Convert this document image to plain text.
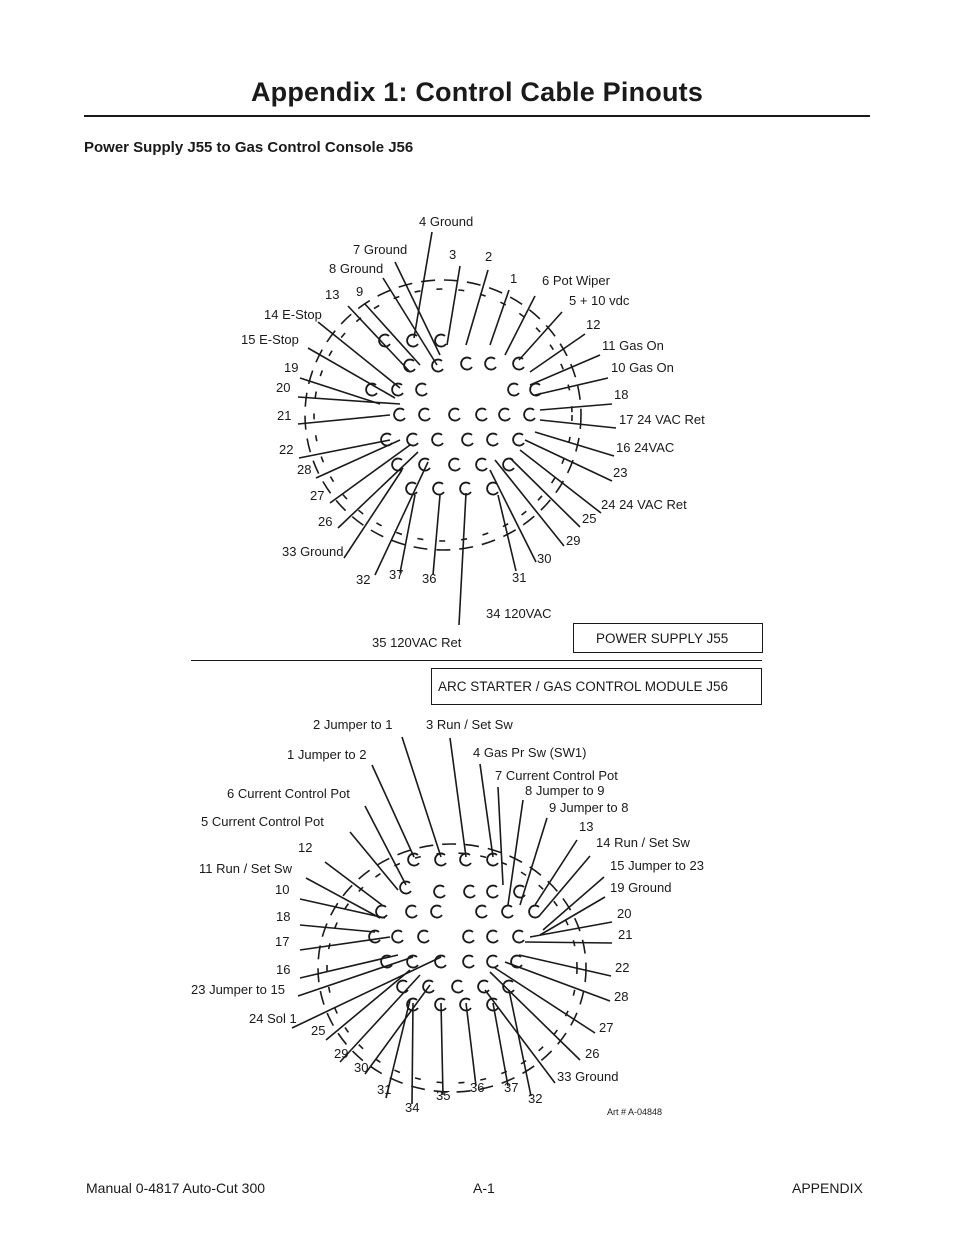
Appendix 1: Control Cable Pinouts
Power Supply J55 to Gas Control Console J56
1
2
3
4 Ground
5 + 10 vdc
6 Pot Wiper
7 Ground
8 Ground
9
10 Gas On
11 Gas On
12
13
14 E-Stop
15 E-Stop
16 24VAC
17 24 VAC Ret
18
19
20
21
22
23
24 24 VAC Ret
25
26
27
28
29
30
31
32
33 Ground
34 120VAC
35 120VAC Ret
36
37
1 Jumper to 2
2 Jumper to 1	3 Run / Set Sw
4 Gas Pr Sw (SW1)
5 Current Control Pot
6 Current Control Pot
7 Current Control Pot
8 Jumper to 9
9 Jumper to 8
10
11 Run / Set Sw
12
13
14 Run / Set Sw
15 Jumper to 23
16
17
18
19 Ground
20
21
22
23 Jumper to 15
24 Sol 1
25
26
27
28
29
30
31
32
33 Ground
34
35
36 37
Art # A-04848
POWER SUPPLY J55
ARC STARTER / GAS CONTROL MODULE J56
Manual 0-4817 Auto-Cut 300	A-1	APPENDIX
